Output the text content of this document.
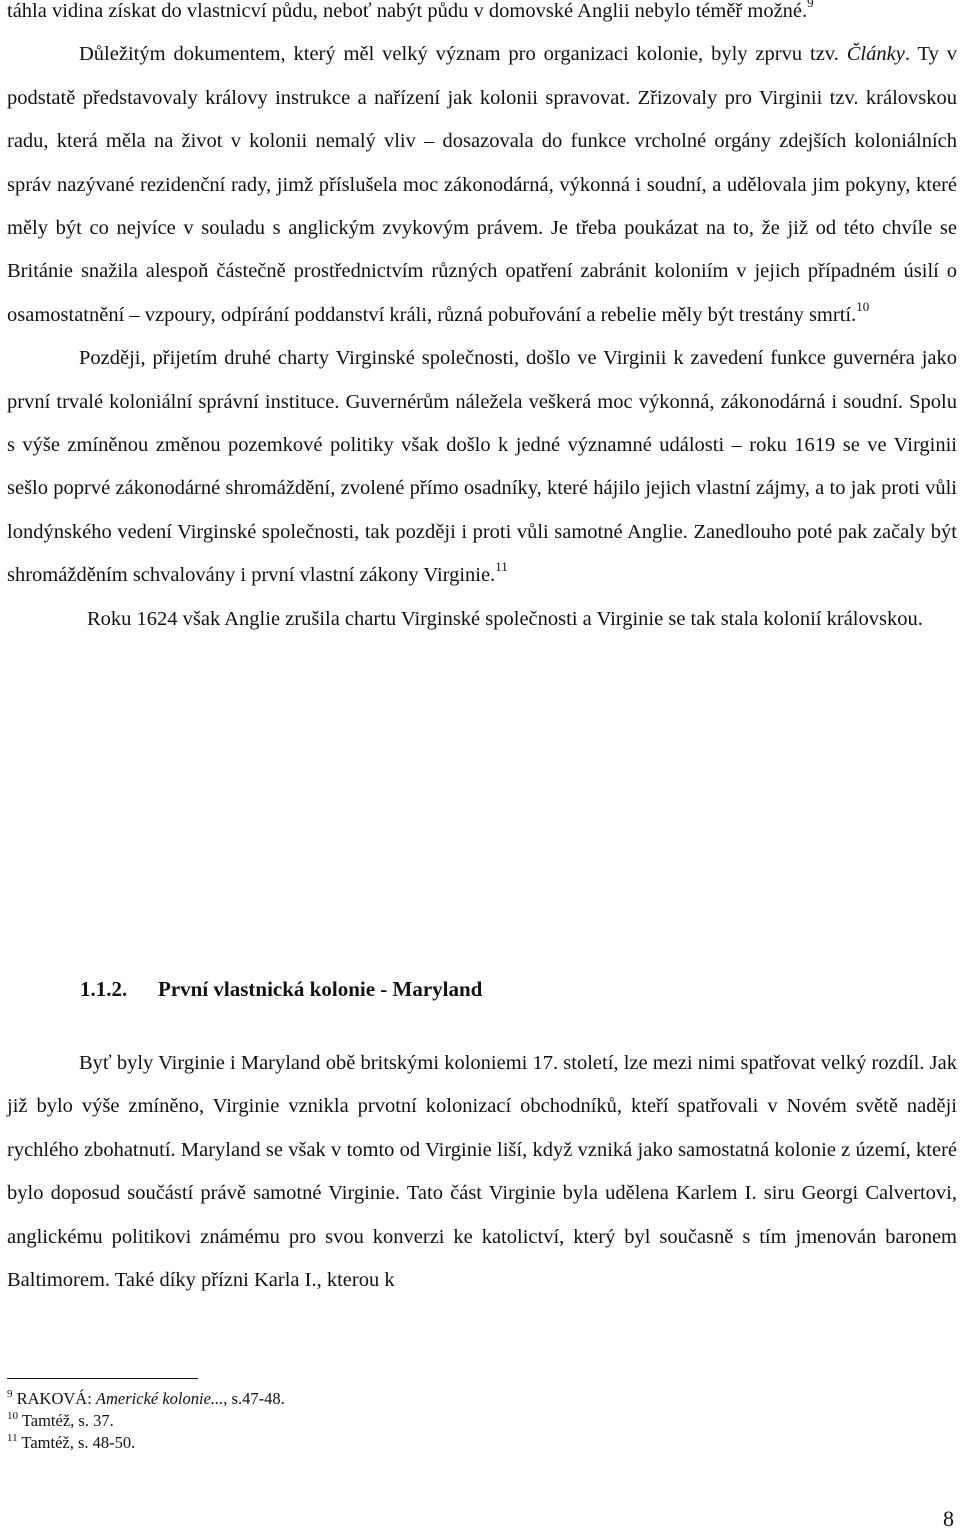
táhla vidina získat do vlastnicví půdu, neboť nabýt půdu v domovské Anglii nebylo téměř možné.$^9$

Důležitým dokumentem, který měl velký význam pro organizaci kolonie, byly zprvu tzv. Články. Ty v podstatě představovaly královy instrukce a nařízení jak kolonii spravovat. Zřizovaly pro Virginii tzv. královskou radu, která měla na život v kolonii nemalý vliv – dosazovala do funkce vrcholné orgány zdejších koloniálních správ nazývané rezidenční rady, jimž příslušela moc zákonodárná, výkonná i soudní, a udělovala jim pokyny, které měly být co nejvíce v souladu s anglickým zvykovým právem. Je třeba poukázat na to, že již od této chvíle se Británie snažila alespoň částečně prostřednictvím různých opatření zabránit koloniím v jejich případném úsilí o osamostatnění – vzpoury, odpírání poddanství králi, různá pobuřování a rebelie měly být trestány smrtí.$^{10}$

Později, přijetím druhé charty Virginské společnosti, došlo ve Virginii k zavedení funkce guvernéra jako první trvalé koloniální správní instituce. Guvernérům náležela veškerá moc výkonná, zákonodárná i soudní. Spolu s výše zmíněnou změnou pozemkové politiky však došlo k jedné významné události – roku 1619 se ve Virginii sešlo poprvé zákonodárné shromáždění, zvolené přímo osadníky, které hájilo jejich vlastní zájmy, a to jak proti vůli londýnského vedení Virginské společnosti, tak později i proti vůli samotné Anglie. Zanedlouho poté pak začaly být shromážděním schvalovány i první vlastní zákony Virginie.$^{11}$

Roku 1624 však Anglie zrušila chartu Virginské společnosti a Virginie se tak stala kolonií královskou.

1.1.2. První vlastnická kolonie - Maryland

Byť byly Virginie i Maryland obě britskými koloniemi 17. století, lze mezi nimi spatřovat velký rozdíl. Jak již bylo výše zmíněno, Virginie vznikla prvotní kolonizací obchodníků, kteří spatřovali v Novém světě naději rychlého zbohatnutí. Maryland se však v tomto od Virginie liší, když vzniká jako samostatná kolonie z území, které bylo doposud součástí právě samotné Virginie. Tato část Virginie byla udělena Karlem I. siru Georgi Calvertovi, anglickému politikovi známému pro svou konverzi ke katolictví, který byl současně s tím jmenován baronem Baltimorem. Také díky přízni Karla I., kterou k

$^9$ RAKOVÁ: Americké kolonie..., s.47-48.

$^{10}$ Tamtéž, s. 37.

$^{11}$ Tamtéž, s. 48-50.

8
